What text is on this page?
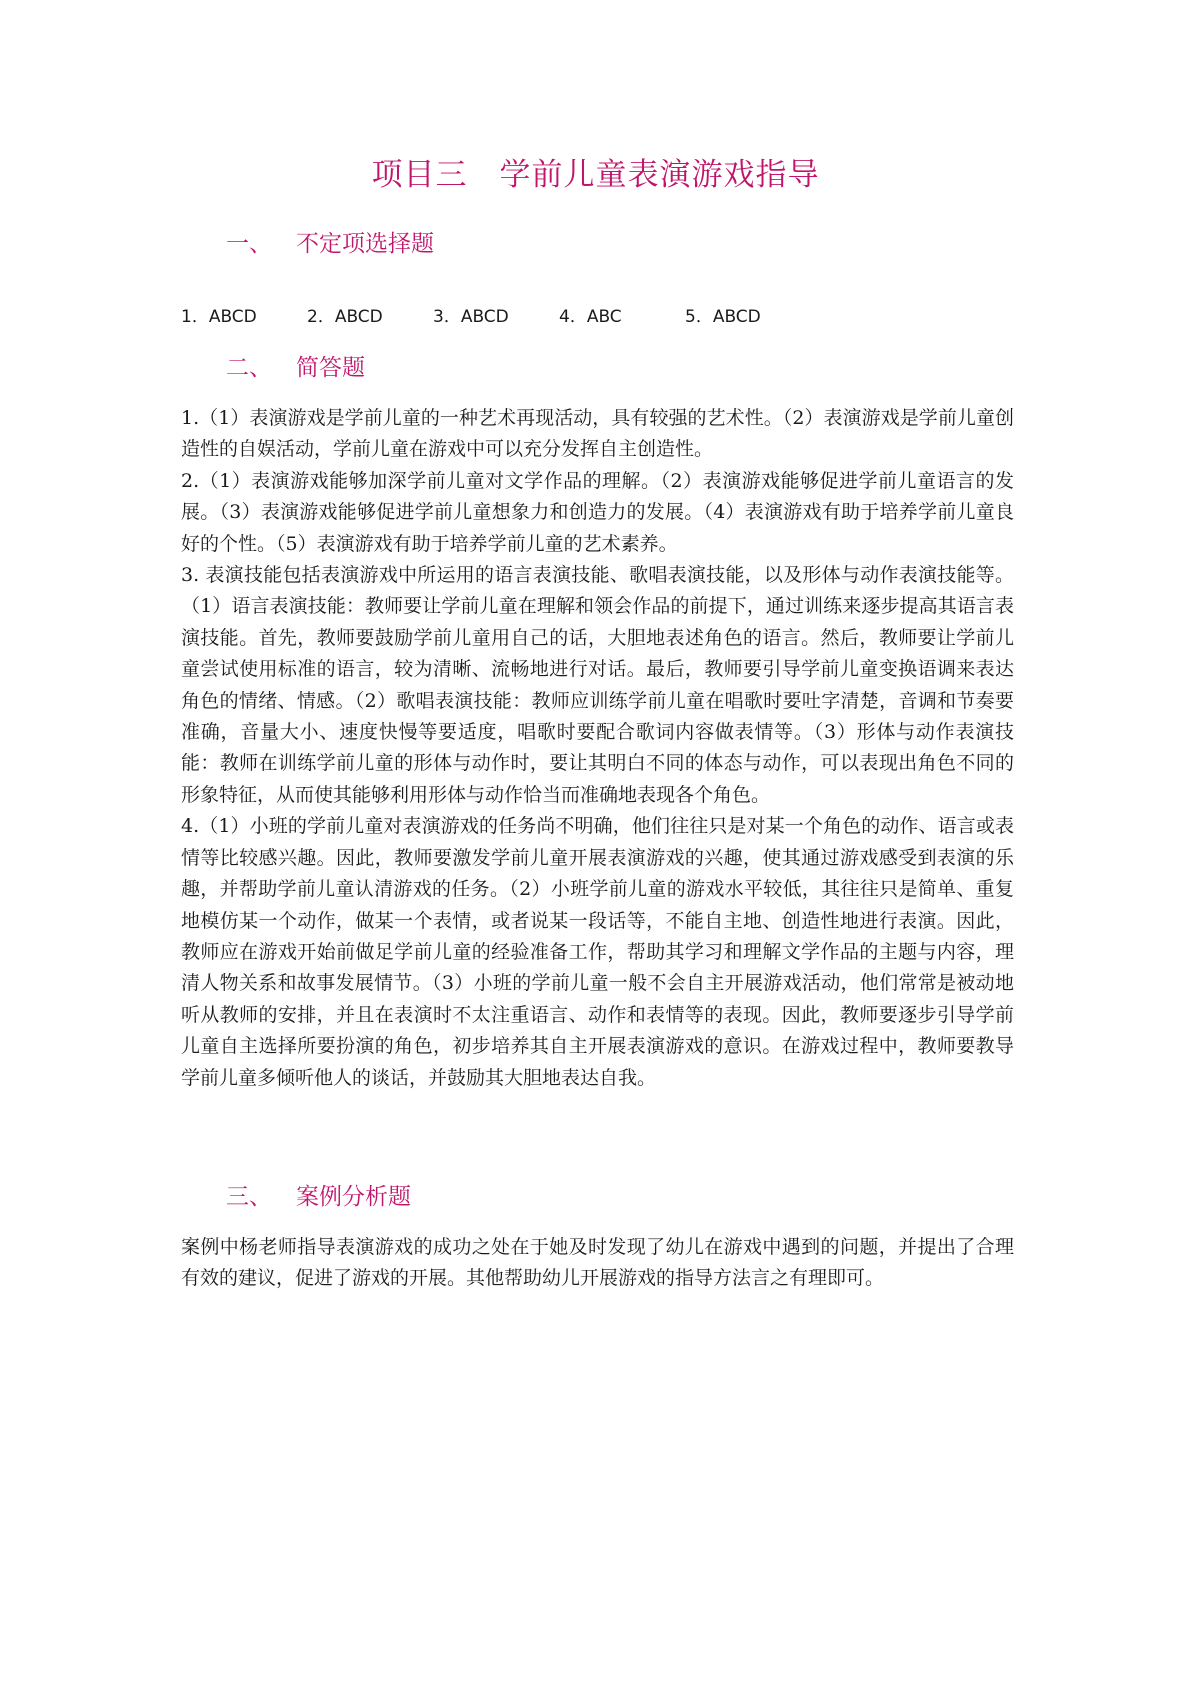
项目三　学前儿童表演游戏指导
一、	不定项选择题
1．ABCD	2．ABCD	3．ABCD	4．ABC	5．ABCD
二、	简答题

1.（1）表演游戏是学前儿童的一种艺术再现活动，具有较强的艺术性。（2）表演游戏是学前儿童创造性的自娱活动，学前儿童在游戏中可以充分发挥自主创造性。

2.（1）表演游戏能够加深学前儿童对文学作品的理解。（2）表演游戏能够促进学前儿童语言的发展。（3）表演游戏能够促进学前儿童想象力和创造力的发展。（4）表演游戏有助于培养学前儿童良好的个性。（5）表演游戏有助于培养学前儿童的艺术素养。

3. 表演技能包括表演游戏中所运用的语言表演技能、歌唱表演技能，以及形体与动作表演技能等。（1）语言表演技能：教师要让学前儿童在理解和领会作品的前提下，通过训练来逐步提高其语言表演技能。首先，教师要鼓励学前儿童用自己的话，大胆地表述角色的语言。然后，教师要让学前儿童尝试使用标准的语言，较为清晰、流畅地进行对话。最后，教师要引导学前儿童变换语调来表达角色的情绪、情感。（2）歌唱表演技能：教师应训练学前儿童在唱歌时要吐字清楚，音调和节奏要准确，音量大小、速度快慢等要适度，唱歌时要配合歌词内容做表情等。（3）形体与动作表演技能：教师在训练学前儿童的形体与动作时，要让其明白不同的体态与动作，可以表现出角色不同的形象特征，从而使其能够利用形体与动作恰当而准确地表现各个角色。

4.（1）小班的学前儿童对表演游戏的任务尚不明确，他们往往只是对某一个角色的动作、语言或表情等比较感兴趣。因此，教师要激发学前儿童开展表演游戏的兴趣，使其通过游戏感受到表演的乐趣，并帮助学前儿童认清游戏的任务。（2）小班学前儿童的游戏水平较低，其往往只是简单、重复地模仿某一个动作，做某一个表情，或者说某一段话等，不能自主地、创造性地进行表演。因此，教师应在游戏开始前做足学前儿童的经验准备工作，帮助其学习和理解文学作品的主题与内容，理清人物关系和故事发展情节。（3）小班的学前儿童一般不会自主开展游戏活动，他们常常是被动地听从教师的安排，并且在表演时不太注重语言、动作和表情等的表现。因此，教师要逐步引导学前儿童自主选择所要扮演的角色，初步培养其自主开展表演游戏的意识。在游戏过程中，教师要教导学前儿童多倾听他人的谈话，并鼓励其大胆地表达自我。

三、	案例分析题

案例中杨老师指导表演游戏的成功之处在于她及时发现了幼儿在游戏中遇到的问题，并提出了合理有效的建议，促进了游戏的开展。其他帮助幼儿开展游戏的指导方法言之有理即可。
